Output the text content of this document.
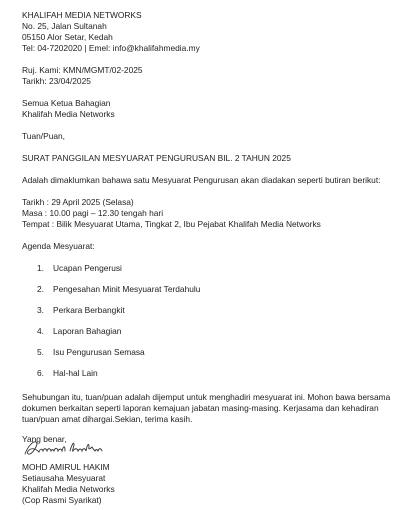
KHALIFAH MEDIA NETWORKS
No. 25, Jalan Sultanah
05150 Alor Setar, Kedah
Tel: 04-7202020 | Emel: info@khalifahmedia.my
Ruj. Kami: KMN/MGMT/02-2025
Tarikh: 23/04/2025
Semua Ketua Bahagian
Khalifah Media Networks
Tuan/Puan,
SURAT PANGGILAN MESYUARAT PENGURUSAN BIL. 2 TAHUN 2025
Adalah dimaklumkan bahawa satu Mesyuarat Pengurusan akan diadakan seperti butiran berikut:
Tarikh : 29 April 2025 (Selasa)
Masa : 10.00 pagi – 12.30 tengah hari
Tempat : Bilik Mesyuarat Utama, Tingkat 2, Ibu Pejabat Khalifah Media Networks
Agenda Mesyuarat:
1. Ucapan Pengerusi
2. Pengesahan Minit Mesyuarat Terdahulu
3. Perkara Berbangkit
4. Laporan Bahagian
5. Isu Pengurusan Semasa
6. Hal-hal Lain
Sehubungan itu, tuan/puan adalah dijemput untuk menghadiri mesyuarat ini. Mohon bawa bersama
dokumen berkaitan seperti laporan kemajuan jabatan masing-masing. Kerjasama dan kehadiran
tuan/puan amat dihargai.Sekian, terima kasih.
Yang benar,
MOHD AMIRUL HAKIM
Setiausaha Mesyuarat
Khalifah Media Networks
(Cop Rasmi Syarikat)
